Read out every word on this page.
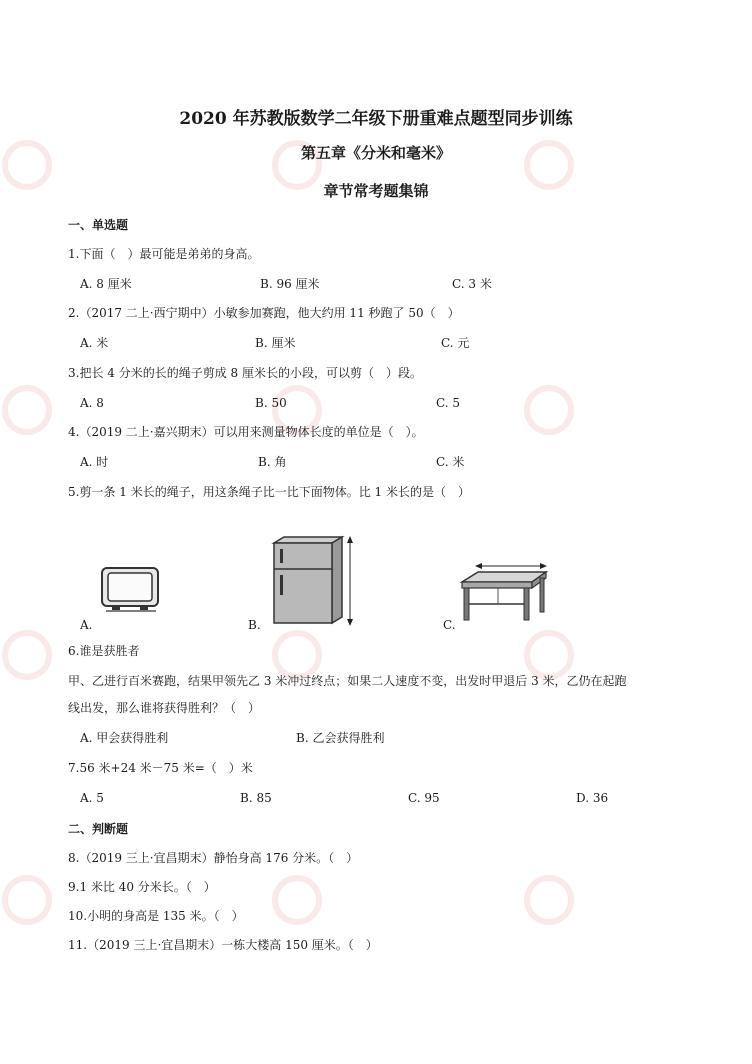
2020 年苏教版数学二年级下册重难点题型同步训练
第五章《分米和毫米》
章节常考题集锦
一、单选题
1.下面（　）最可能是弟弟的身高。
A. 8 厘米	B. 96 厘米	C. 3 米
2.（2017 二上·西宁期中）小敏参加赛跑，他大约用 11 秒跑了 50（　）
A. 米	B. 厘米	C. 元
3.把长 4 分米的长的绳子剪成 8 厘米长的小段，可以剪（　）段。
A. 8	B. 50	C. 5
4.（2019 二上·嘉兴期末）可以用来测量物体长度的单位是（　）。
A. 时	B. 角	C. 米
5.剪一条 1 米长的绳子，用这条绳子比一比下面物体。比 1 米长的是（　）
A.	B.	C.
6.谁是获胜者
甲、乙进行百米赛跑，结果甲领先乙 3 米冲过终点；如果二人速度不变，出发时甲退后 3 米，乙仍在起跑
线出发，那么谁将获得胜利？（　）
A. 甲会获得胜利	B. 乙会获得胜利
7.56 米+24 米－75 米=（　）米
A. 5	B. 85	C. 95	D. 36
二、判断题
8.（2019 三上·宜昌期末）静怡身高 176 分米。（　）
9.1 米比 40 分米长。（　）
10.小明的身高是 135 米。（　）
11.（2019 三上·宜昌期末）一栋大楼高 150 厘米。（　）
